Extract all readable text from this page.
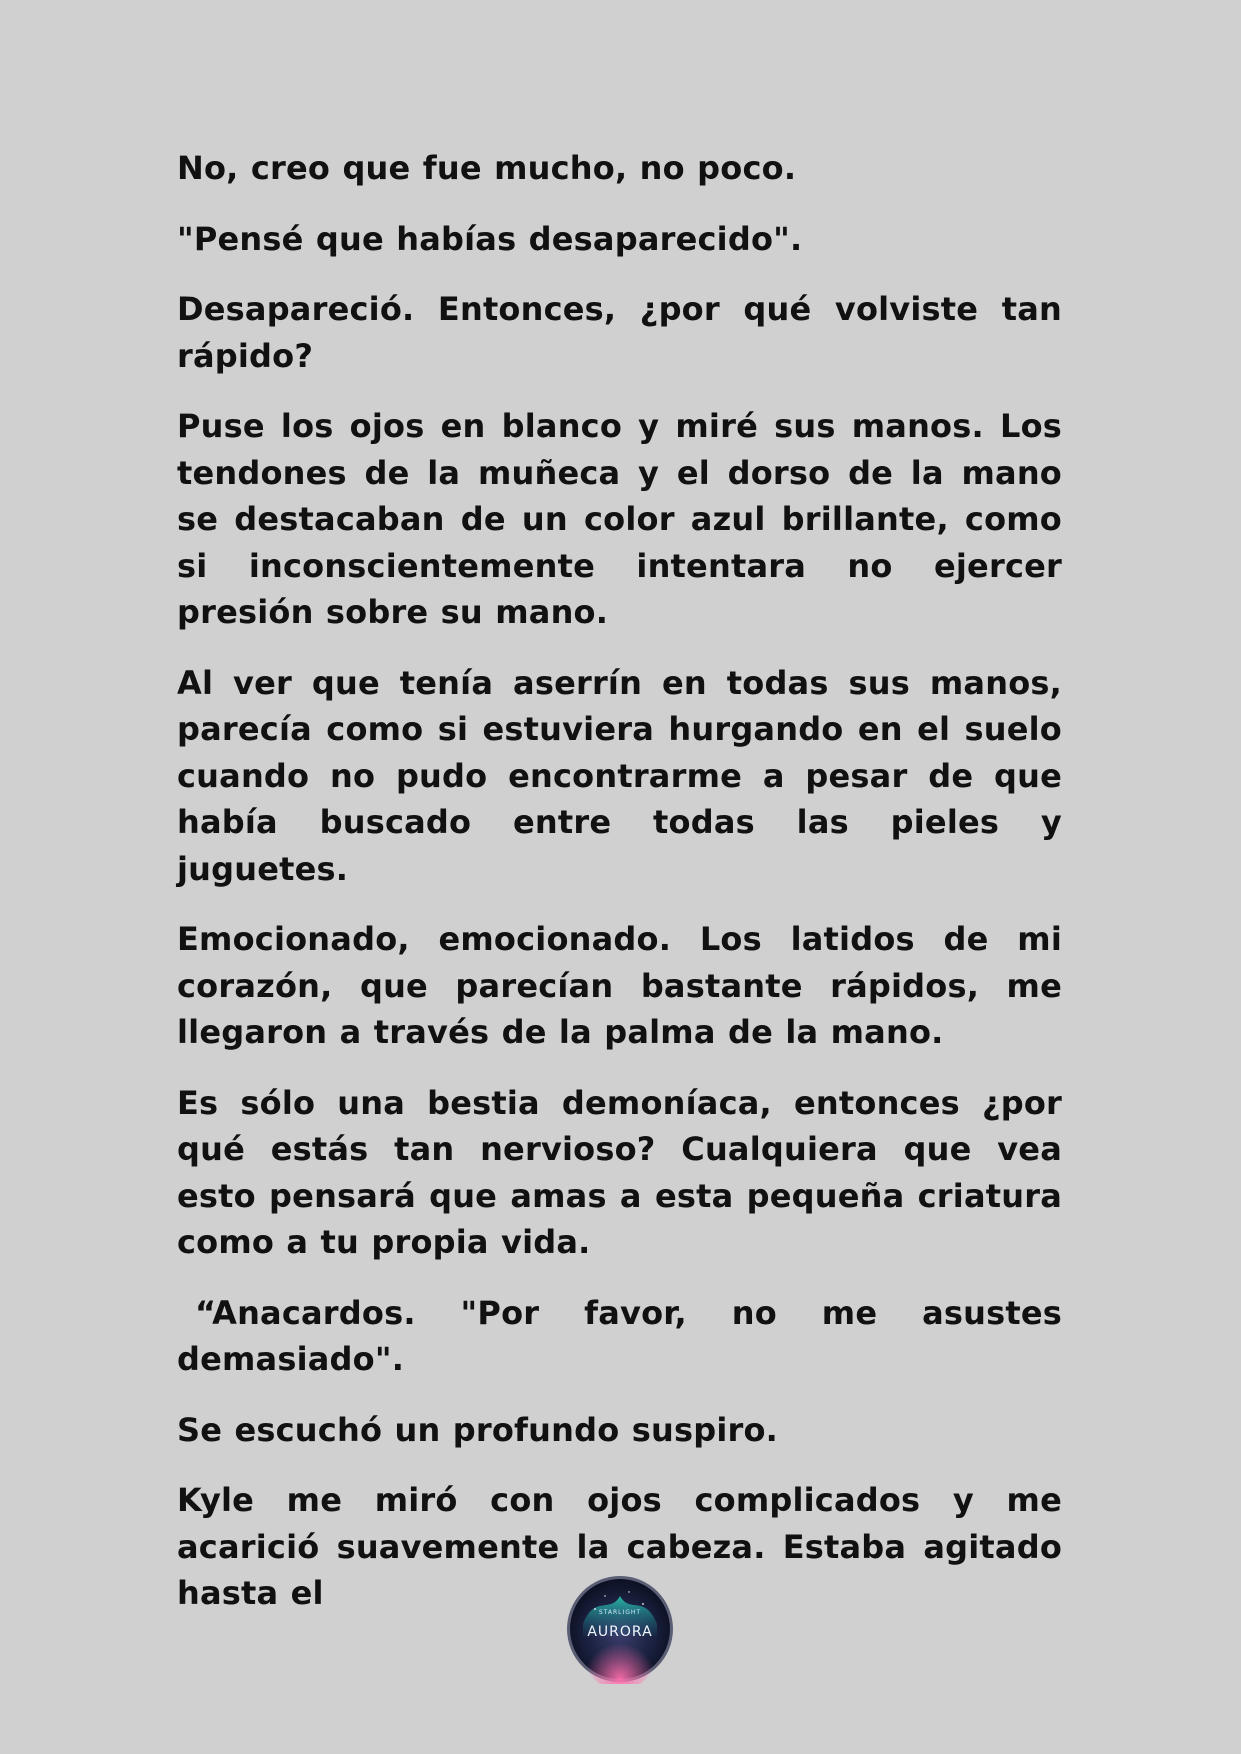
No, creo que fue mucho, no poco.

"Pensé que habías desaparecido".

Desapareció. Entonces, ¿por qué volviste tan rápido?

Puse los ojos en blanco y miré sus manos. Los tendones de la muñeca y el dorso de la mano se destacaban de un color azul brillante, como si inconscientemente intentara no ejercer presión sobre su mano.

Al ver que tenía aserrín en todas sus manos, parecía como si estuviera hurgando en el suelo cuando no pudo encontrarme a pesar de que había buscado entre todas las pieles y juguetes.

Emocionado, emocionado. Los latidos de mi corazón, que parecían bastante rápidos, me llegaron a través de la palma de la mano.

Es sólo una bestia demoníaca, entonces ¿por qué estás tan nervioso? Cualquiera que vea esto pensará que amas a esta pequeña criatura como a tu propia vida.

“Anacardos. "Por favor, no me asustes demasiado".

Se escuchó un profundo suspiro.

Kyle me miró con ojos complicados y me acarició suavemente la cabeza. Estaba agitado hasta el

STARLIGHT
AURORA
